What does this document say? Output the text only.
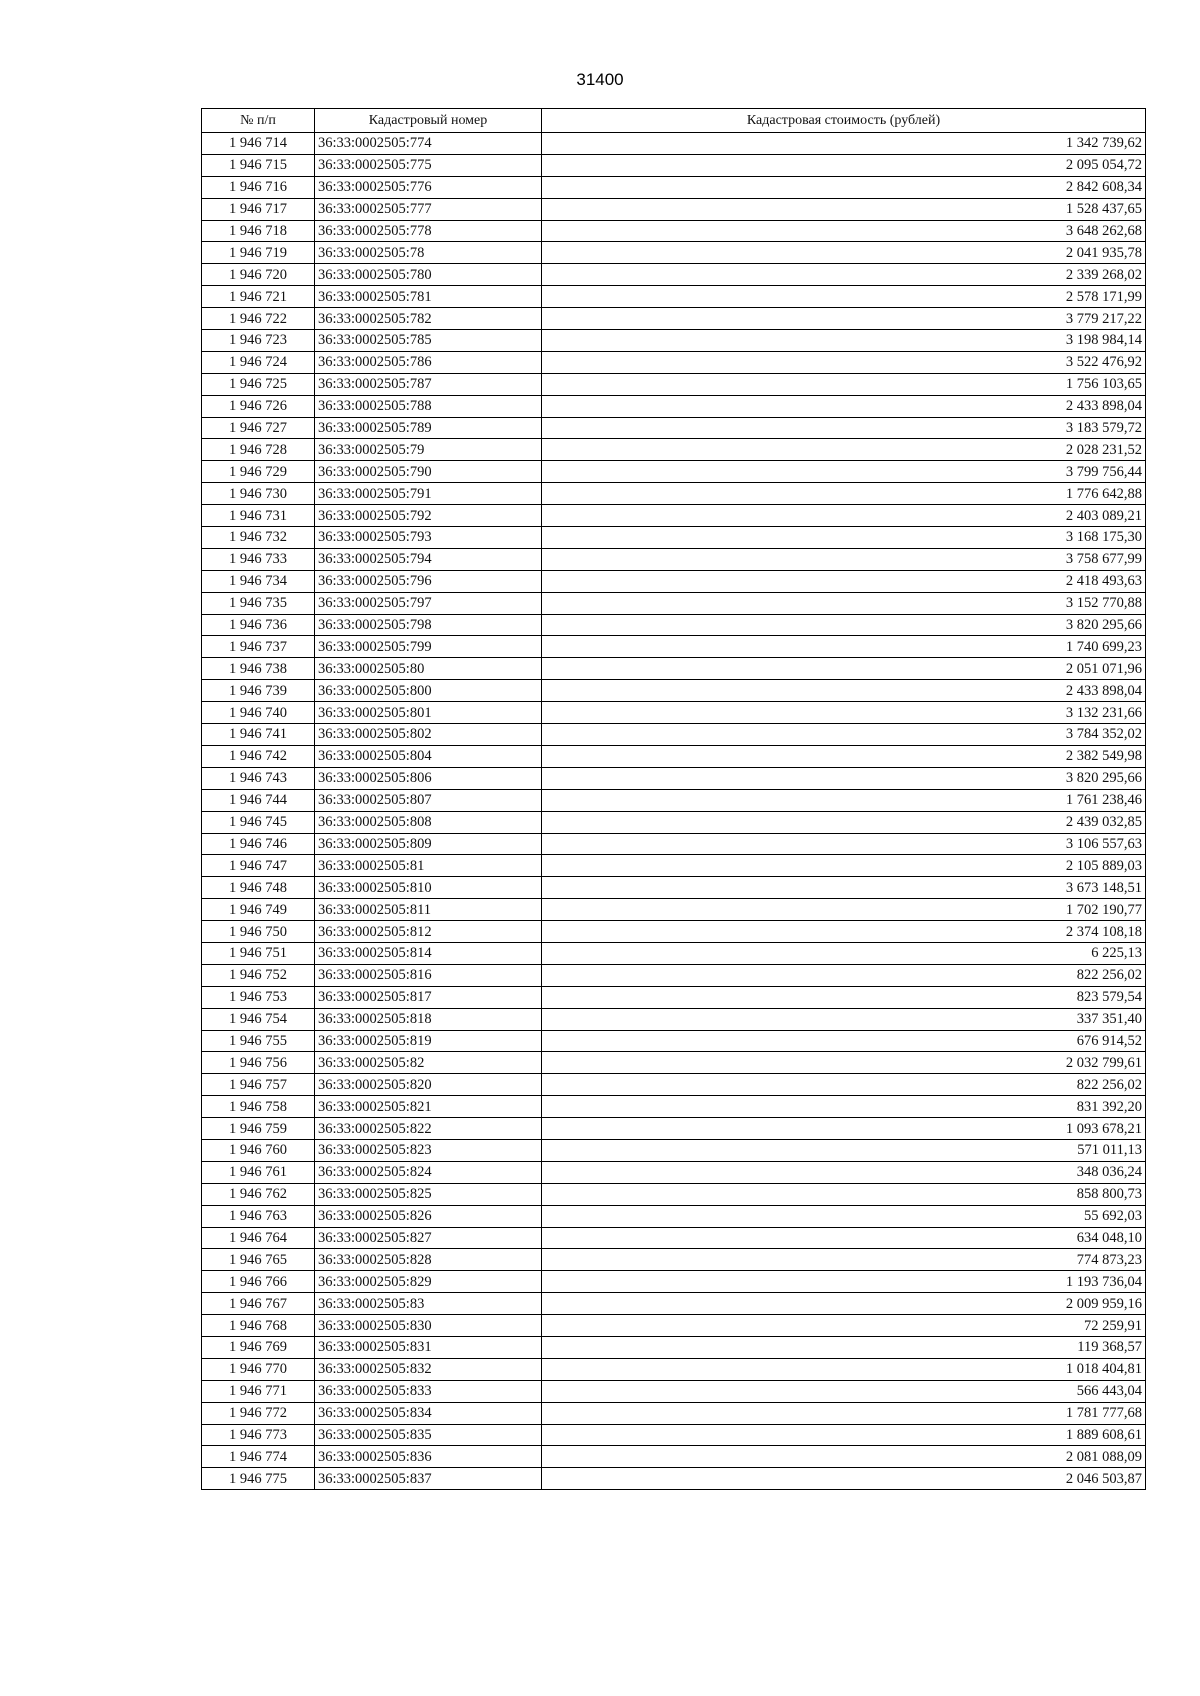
31400
№ п/п	Кадастровый номер	Кадастровая стоимость (рублей)
1 946 714	36:33:0002505:774	1 342 739,62
1 946 715	36:33:0002505:775	2 095 054,72
1 946 716	36:33:0002505:776	2 842 608,34
1 946 717	36:33:0002505:777	1 528 437,65
1 946 718	36:33:0002505:778	3 648 262,68
1 946 719	36:33:0002505:78	2 041 935,78
1 946 720	36:33:0002505:780	2 339 268,02
1 946 721	36:33:0002505:781	2 578 171,99
1 946 722	36:33:0002505:782	3 779 217,22
1 946 723	36:33:0002505:785	3 198 984,14
1 946 724	36:33:0002505:786	3 522 476,92
1 946 725	36:33:0002505:787	1 756 103,65
1 946 726	36:33:0002505:788	2 433 898,04
1 946 727	36:33:0002505:789	3 183 579,72
1 946 728	36:33:0002505:79	2 028 231,52
1 946 729	36:33:0002505:790	3 799 756,44
1 946 730	36:33:0002505:791	1 776 642,88
1 946 731	36:33:0002505:792	2 403 089,21
1 946 732	36:33:0002505:793	3 168 175,30
1 946 733	36:33:0002505:794	3 758 677,99
1 946 734	36:33:0002505:796	2 418 493,63
1 946 735	36:33:0002505:797	3 152 770,88
1 946 736	36:33:0002505:798	3 820 295,66
1 946 737	36:33:0002505:799	1 740 699,23
1 946 738	36:33:0002505:80	2 051 071,96
1 946 739	36:33:0002505:800	2 433 898,04
1 946 740	36:33:0002505:801	3 132 231,66
1 946 741	36:33:0002505:802	3 784 352,02
1 946 742	36:33:0002505:804	2 382 549,98
1 946 743	36:33:0002505:806	3 820 295,66
1 946 744	36:33:0002505:807	1 761 238,46
1 946 745	36:33:0002505:808	2 439 032,85
1 946 746	36:33:0002505:809	3 106 557,63
1 946 747	36:33:0002505:81	2 105 889,03
1 946 748	36:33:0002505:810	3 673 148,51
1 946 749	36:33:0002505:811	1 702 190,77
1 946 750	36:33:0002505:812	2 374 108,18
1 946 751	36:33:0002505:814	6 225,13
1 946 752	36:33:0002505:816	822 256,02
1 946 753	36:33:0002505:817	823 579,54
1 946 754	36:33:0002505:818	337 351,40
1 946 755	36:33:0002505:819	676 914,52
1 946 756	36:33:0002505:82	2 032 799,61
1 946 757	36:33:0002505:820	822 256,02
1 946 758	36:33:0002505:821	831 392,20
1 946 759	36:33:0002505:822	1 093 678,21
1 946 760	36:33:0002505:823	571 011,13
1 946 761	36:33:0002505:824	348 036,24
1 946 762	36:33:0002505:825	858 800,73
1 946 763	36:33:0002505:826	55 692,03
1 946 764	36:33:0002505:827	634 048,10
1 946 765	36:33:0002505:828	774 873,23
1 946 766	36:33:0002505:829	1 193 736,04
1 946 767	36:33:0002505:83	2 009 959,16
1 946 768	36:33:0002505:830	72 259,91
1 946 769	36:33:0002505:831	119 368,57
1 946 770	36:33:0002505:832	1 018 404,81
1 946 771	36:33:0002505:833	566 443,04
1 946 772	36:33:0002505:834	1 781 777,68
1 946 773	36:33:0002505:835	1 889 608,61
1 946 774	36:33:0002505:836	2 081 088,09
1 946 775	36:33:0002505:837	2 046 503,87
